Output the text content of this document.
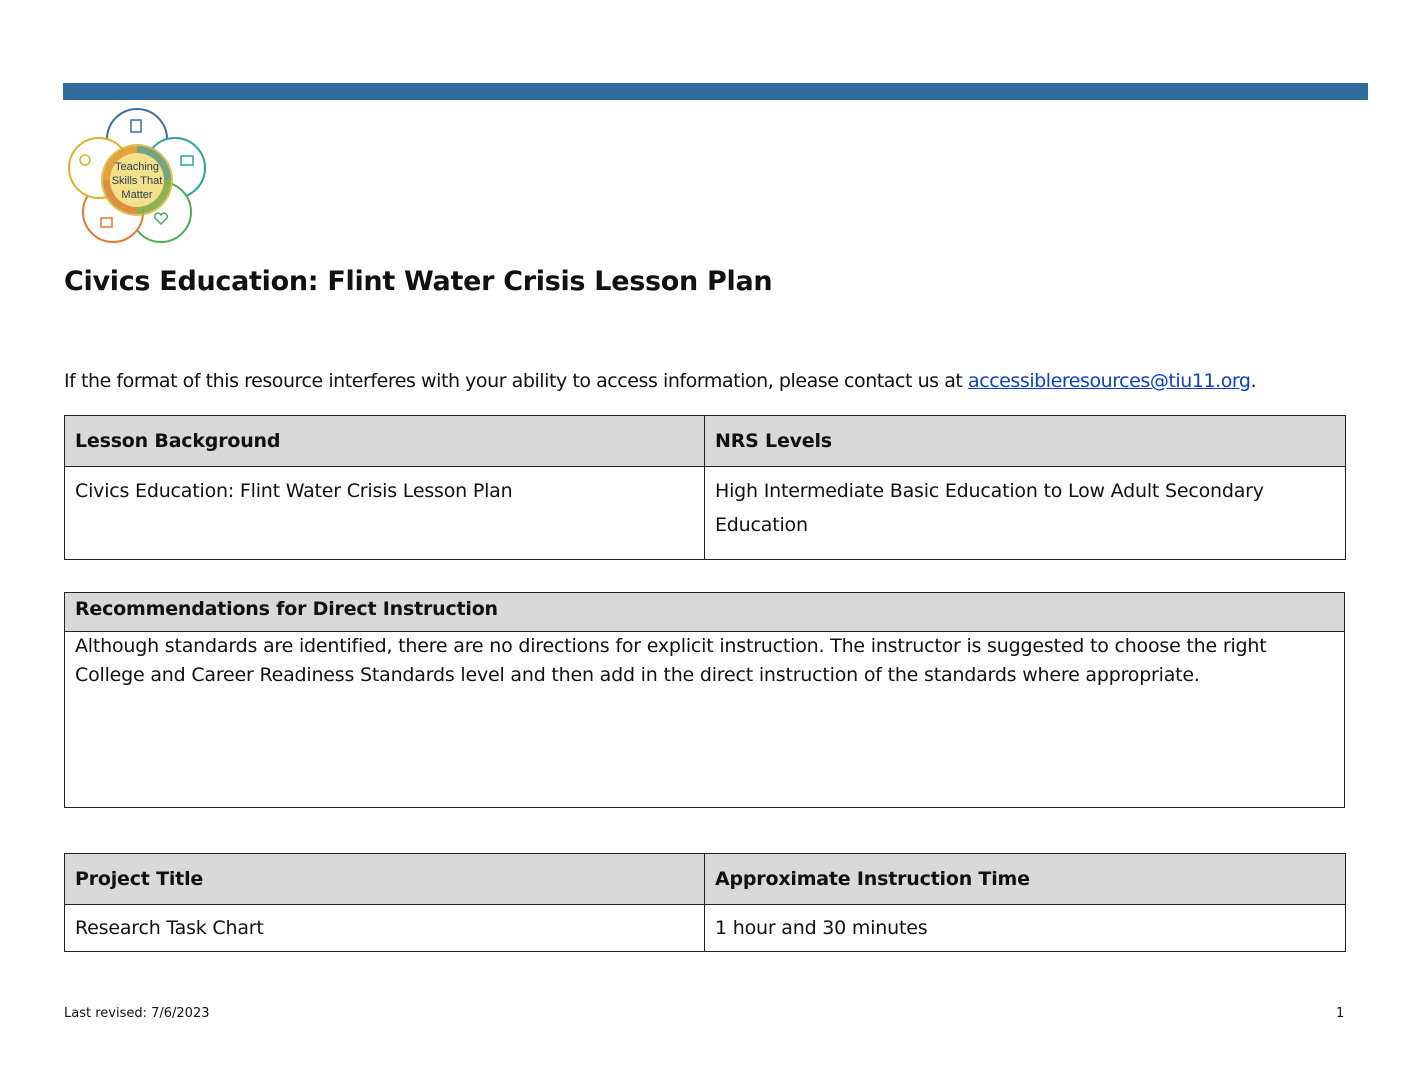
Teaching
Skills That
Matter
Civics Education: Flint Water Crisis Lesson Plan
If the format of this resource interferes with your ability to access information, please contact us at accessibleresources@tiu11.org.
Lesson Background	NRS Levels
Civics Education: Flint Water Crisis Lesson Plan	High Intermediate Basic Education to Low Adult Secondary Education
Recommendations for Direct Instruction
Although standards are identified, there are no directions for explicit instruction. The instructor is suggested to choose the right College and Career Readiness Standards level and then add in the direct instruction of the standards where appropriate.
Project Title	Approximate Instruction Time
Research Task Chart	1 hour and 30 minutes
Last revised: 7/6/2023	1
